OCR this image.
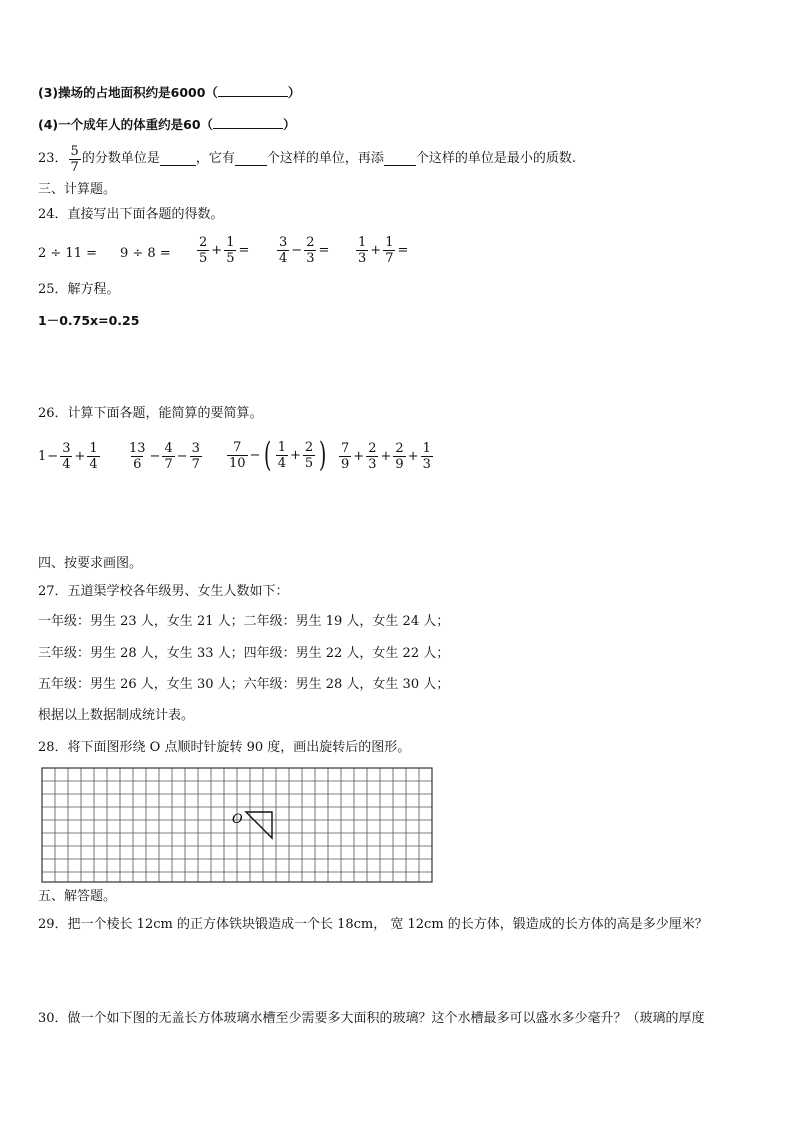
(3)操场的占地面积约是6000（	）
(4)一个成年人的体重约是60（	）
23． $\frac{5}{7}$ 的分数单位是	，它有 个这样的单位，再添 个这样的单位是最小的质数.
三、计算题。
24．直接写出下面各题的得数。
$2 \div 11 = 9 \div 8 = \frac{2}{5} + \frac{1}{5} = \frac{3}{4} - \frac{2}{3} = \frac{1}{3} + \frac{1}{7}$ =
25．解方程。
1－0.75x=0.25
26．计算下面各题，能简算的要简算。
$1 - \frac{3}{4} + \frac{1}{4} \frac{13}{6} - \frac{4}{7} - \frac{3}{7} \frac{7}{10}$ − ( $\frac{1}{4} + \frac{2}{5}$ ) $\frac{7}{9} + \frac{2}{3} + \frac{2}{9} + \frac{1}{3}$
四、按要求画图。
27．五道渠学校各年级男、女生人数如下：
一年级：男生 23 人，女生 21 人；二年级：男生 19 人，女生 24 人；
三年级：男生 28 人，女生 33 人；四年级：男生 22 人，女生 22 人；
五年级：男生 26 人，女生 30 人；六年级：男生 28 人，女生 30 人；
根据以上数据制成统计表。
28．将下面图形绕 O 点顺时针旋转 90 度，画出旋转后的图形。
O
五、解答题。
29．把一个棱长 12cm 的正方体铁块锻造成一个长 18cm， 宽 12cm 的长方体，锻造成的长方体的高是多少厘米？
30．做一个如下图的无盖长方体玻璃水槽至少需要多大面积的玻璃？这个水槽最多可以盛水多少毫升？（玻璃的厚度
